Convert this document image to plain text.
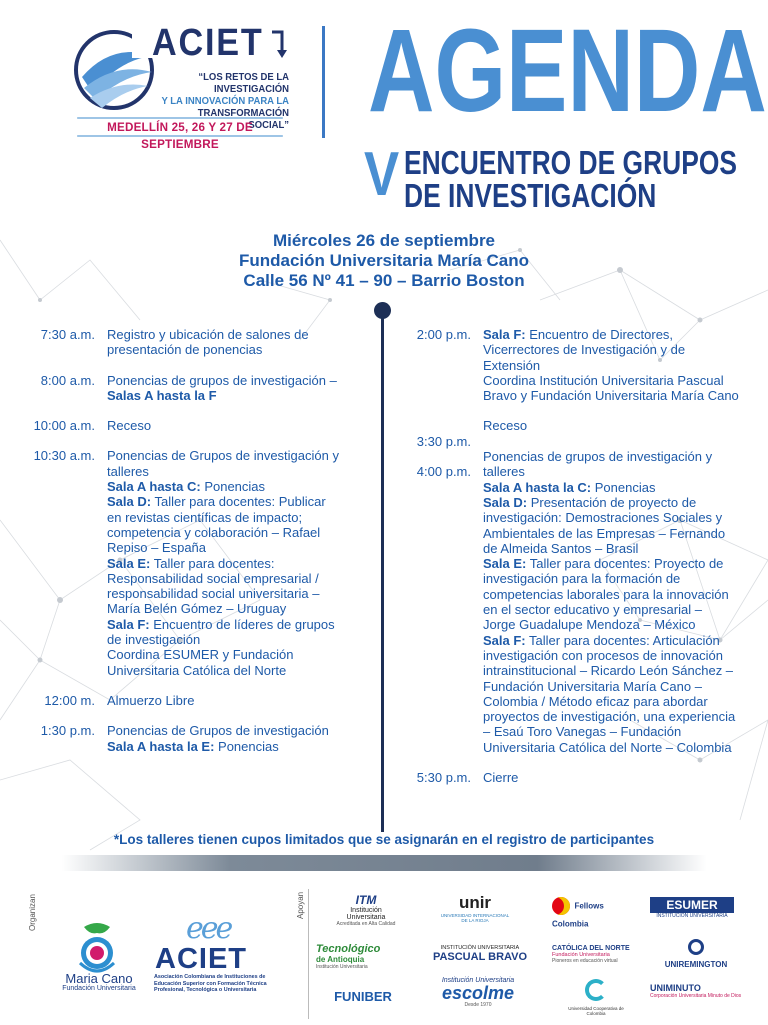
ACIET
“LOS RETOS DE LA INVESTIGACIÓN
Y LA INNOVACIÓN PARA LA
TRANSFORMACIÓN SOCIAL”
MEDELLÍN 25, 26 Y 27 DE SEPTIEMBRE
AGENDA
V ENCUENTRO DE GRUPOS
DE INVESTIGACIÓN
Miércoles 26 de septiembre
Fundación Universitaria María Cano
Calle 56 Nº 41 – 90 – Barrio Boston
7:30 a.m. Registro y ubicación de salones de
presentación de ponencias
8:00 a.m. Ponencias de grupos de investigación –
Salas A hasta la F
10:00 a.m. Receso
10:30 a.m. Ponencias de Grupos de investigación y
talleres
Sala A hasta C: Ponencias
Sala D: Taller para docentes: Publicar
en revistas científicas de impacto;
competencia y colaboración – Rafael
Repiso – España
Sala E: Taller para docentes:
Responsabilidad social empresarial /
responsabilidad social universitaria –
María Belén Gómez – Uruguay
Sala F: Encuentro de líderes de grupos
de investigación
Coordina ESUMER y Fundación
Universitaria Católica del Norte
12:00 m. Almuerzo Libre
1:30 p.m. Ponencias de Grupos de investigación
Sala A hasta la E: Ponencias
2:00 p.m. Sala F: Encuentro de Directores,
Vicerrectores de Investigación y de
Extensión
Coordina Institución Universitaria Pascual
Bravo y Fundación Universitaria María Cano

3:30 p.m.
Receso

4:00 p.m.
Ponencias de grupos de investigación y
talleres
Sala A hasta la C: Ponencias
Sala D: Presentación de proyecto de
investigación: Demostraciones Sociales y
Ambientales de las Empresas – Fernando
de Almeida Santos – Brasil
Sala E: Taller para docentes: Proyecto de
investigación para la formación de
competencias laborales para la innovación
en el sector educativo y empresarial –
Jorge Guadalupe Mendoza – México
Sala F: Taller para docentes: Articulación
investigación con procesos de innovación
intrainstitucional – Ricardo León Sánchez –
Fundación Universitaria María Cano –
Colombia / Método eficaz para abordar
proyectos de investigación, una experiencia
– Esaú Toro Vanegas – Fundación
Universitaria Católica del Norte – Colombia
5:30 p.m. Cierre
*Los talleres tienen cupos limitados que se asignarán en el registro de participantes
Organizan	Apoyan
Maria Cano
Fundación Universitaria
eee
ACIET
Asociación Colombiana de Instituciones de Educación Superior con Formación Técnica Profesional, Tecnológica o Universitaria
ITM
Institución Universitaria
Acreditada en Alta Calidad
unir
UNIVERSIDAD INTERNACIONAL DE LA RIOJA
Fellows Colombia
ESUMER
INSTITUCIÓN UNIVERSITARIA
Tecnológico
de Antioquia
Institución Universitaria
INSTITUCIÓN UNIVERSITARIA
PASCUAL BRAVO
CATÓLICA DEL NORTE
Fundación Universitaria
Pioneros en educación virtual	UNIREMINGTON
FUNIBER
Institución Universitaria
escolme
Desde 1970
Universidad Cooperativa de Colombia
UNIMINUTO
Corporación Universitaria Minuto de Dios
